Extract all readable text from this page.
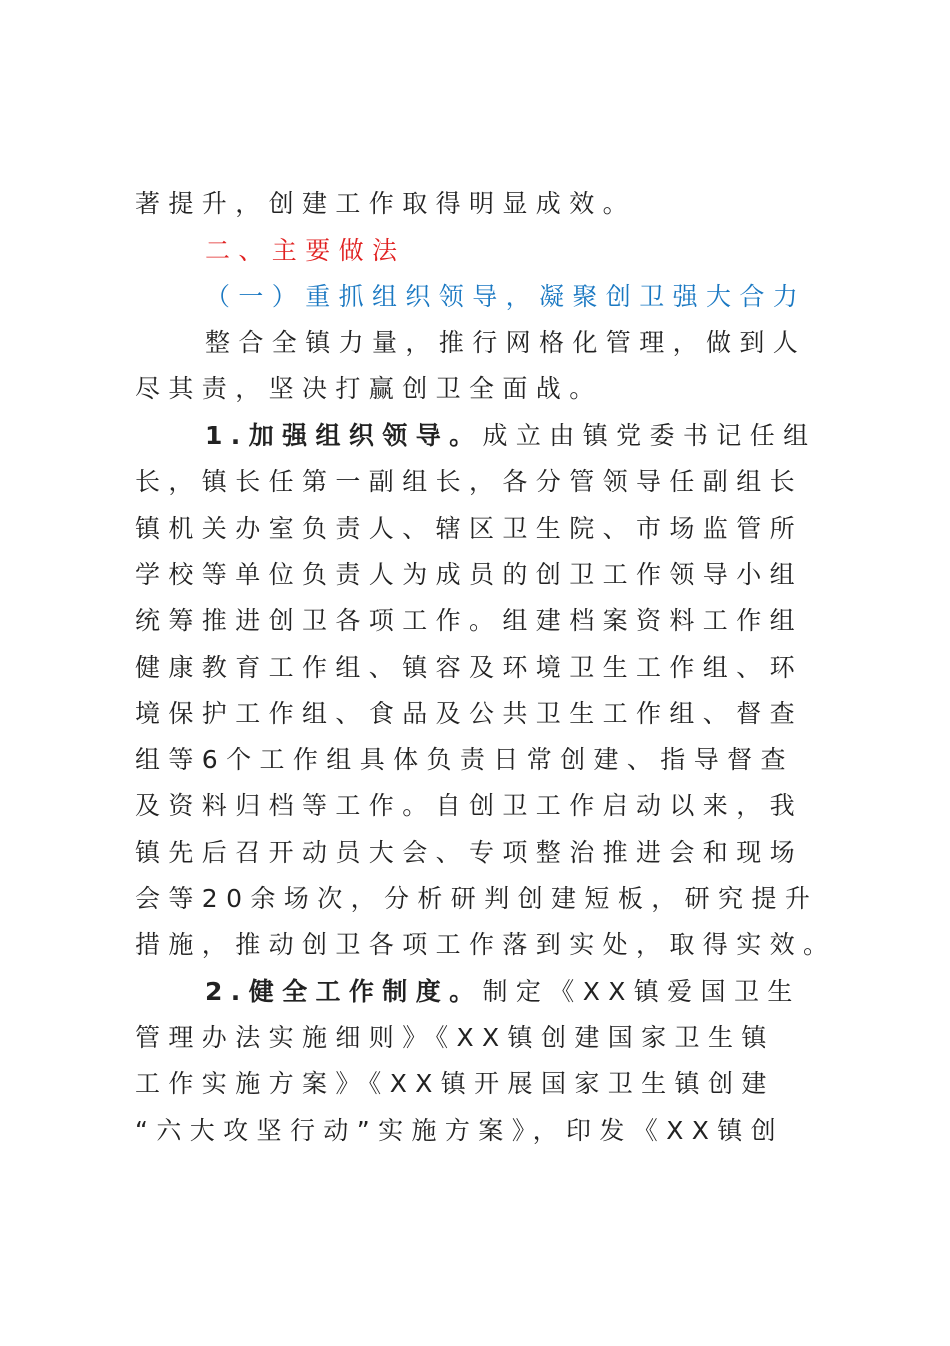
著提升，创建工作取得明显成效。
二、主要做法
（一）重抓组织领导，凝聚创卫强大合力
整合全镇力量，推行网格化管理，做到人
尽其责，坚决打赢创卫全面战。
1.加强组织领导。成立由镇党委书记任组
长，镇长任第一副组长，各分管领导任副组长
镇机关办室负责人、辖区卫生院、市场监管所
学校等单位负责人为成员的创卫工作领导小组
统筹推进创卫各项工作。组建档案资料工作组
健康教育工作组、镇容及环境卫生工作组、环
境保护工作组、食品及公共卫生工作组、督查
组等6个工作组具体负责日常创建、指导督查
及资料归档等工作。自创卫工作启动以来，我
镇先后召开动员大会、专项整治推进会和现场
会等20余场次，分析研判创建短板，研究提升
措施，推动创卫各项工作落到实处，取得实效。
2.健全工作制度。制定《XX镇爱国卫生
管理办法实施细则》《XX镇创建国家卫生镇
工作实施方案》《XX镇开展国家卫生镇创建
“六大攻坚行动”实施方案》，印发《XX镇创
